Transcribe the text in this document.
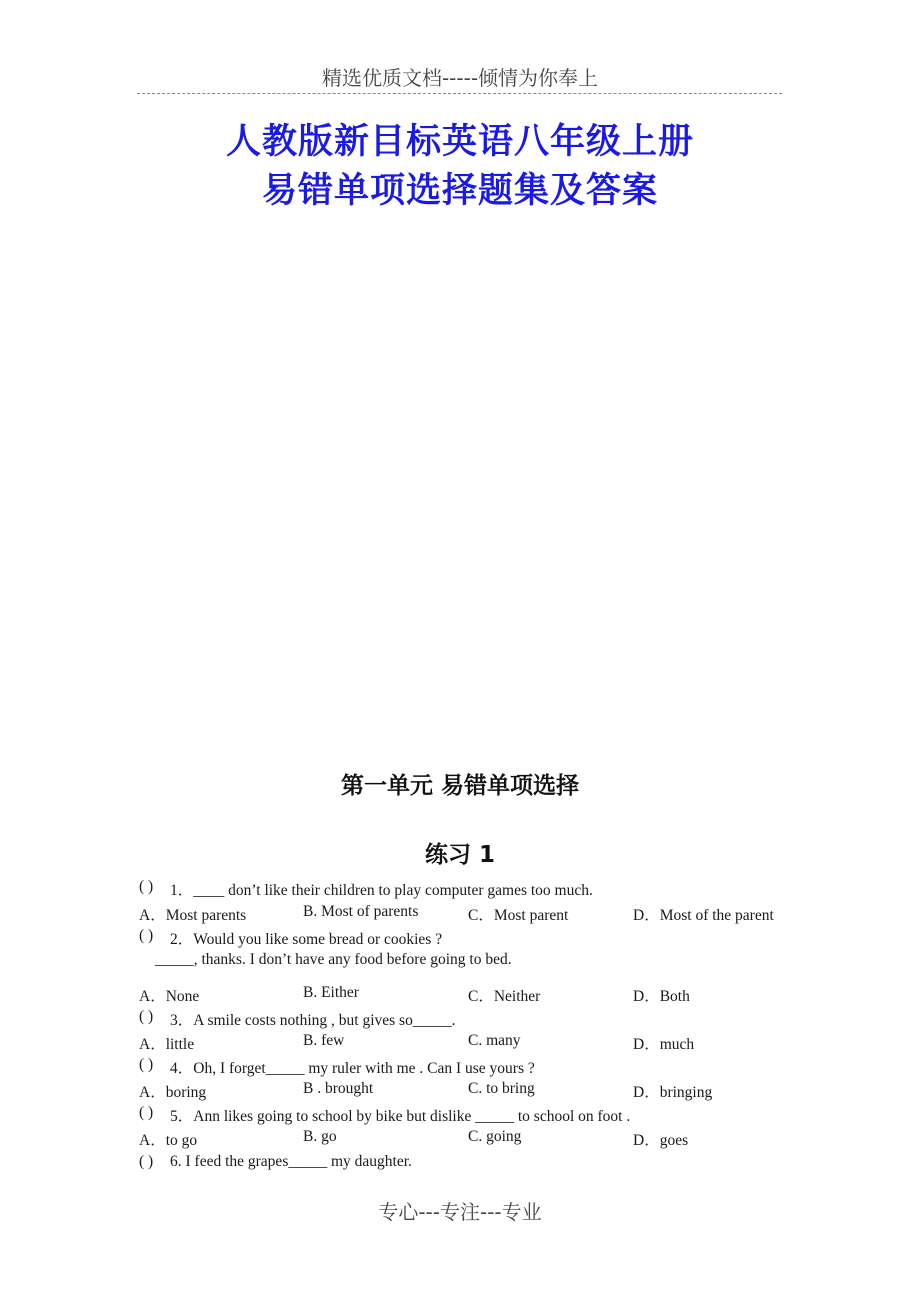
精选优质文档-----倾情为你奉上
人教版新目标英语八年级上册
易错单项选择题集及答案
第一单元 易错单项选择
练习 1
( ) 1．____ don’t like their children to play computer games too much.
A．Most parents	B. Most of parents	C．Most parent	D．Most of the parent
( ) 2．Would you like some bread or cookies ?
_____, thanks. I don’t have any food before going to bed.
A．None	B. Either	C．Neither	D．Both
( ) 3．A smile costs nothing , but gives so_____.
A．little	B. few	C. many	D．much
( ) 4．Oh, I forget_____ my ruler with me . Can I use yours ?
A．boring	B . brought	C. to bring	D．bringing
( ) 5．Ann likes going to school by bike but dislike _____ to school on foot .
A．to go	B. go	C. going	D．goes
( ) 6. I feed the grapes_____ my daughter.
专心---专注---专业
